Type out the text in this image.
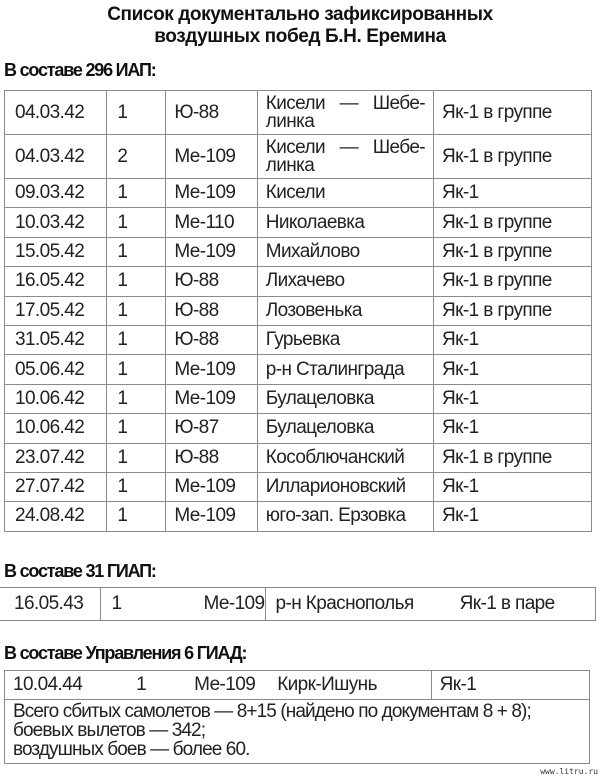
Список документально зафиксированных
воздушных побед Б.Н. Еремина
В составе 296 ИАП:
04.03.42	1	Ю-88	Кисели — Шебе-
линка	Як-1 в группе
04.03.42	2	Ме-109	Кисели — Шебе-
линка	Як-1 в группе
09.03.42	1	Ме-109	Кисели	Як-1
10.03.42	1	Ме-110	Николаевка	Як-1 в группе
15.05.42	1	Ме-109	Михайлово	Як-1 в группе
16.05.42	1	Ю-88	Лихачево	Як-1 в группе
17.05.42	1	Ю-88	Лозовенька	Як-1 в группе
31.05.42	1	Ю-88	Гурьевка	Як-1
05.06.42	1	Ме-109	р-н Сталинграда	Як-1
10.06.42	1	Ме-109	Булацеловка	Як-1
10.06.42	1	Ю-87	Булацеловка	Як-1
23.07.42	1	Ю-88	Кособлючанский	Як-1 в группе
27.07.42	1	Ме-109	Илларионовский	Як-1
24.08.42	1	Ме-109	юго-зап. Ерзовка	Як-1
В составе 31 ГИАП:
16.05.43	1	Ме-109	р-н Краснополья Як-1 в паре
В составе Управления 6 ГИАД:
10.04.44	1	Ме-109 Кирк-Ишунь	Як-1

Всего сбитых самолетов — 8+15 (найдено по документам 8 + 8);
боевых вылетов — 342;
воздушных боев — более 60.
www.litru.ru
